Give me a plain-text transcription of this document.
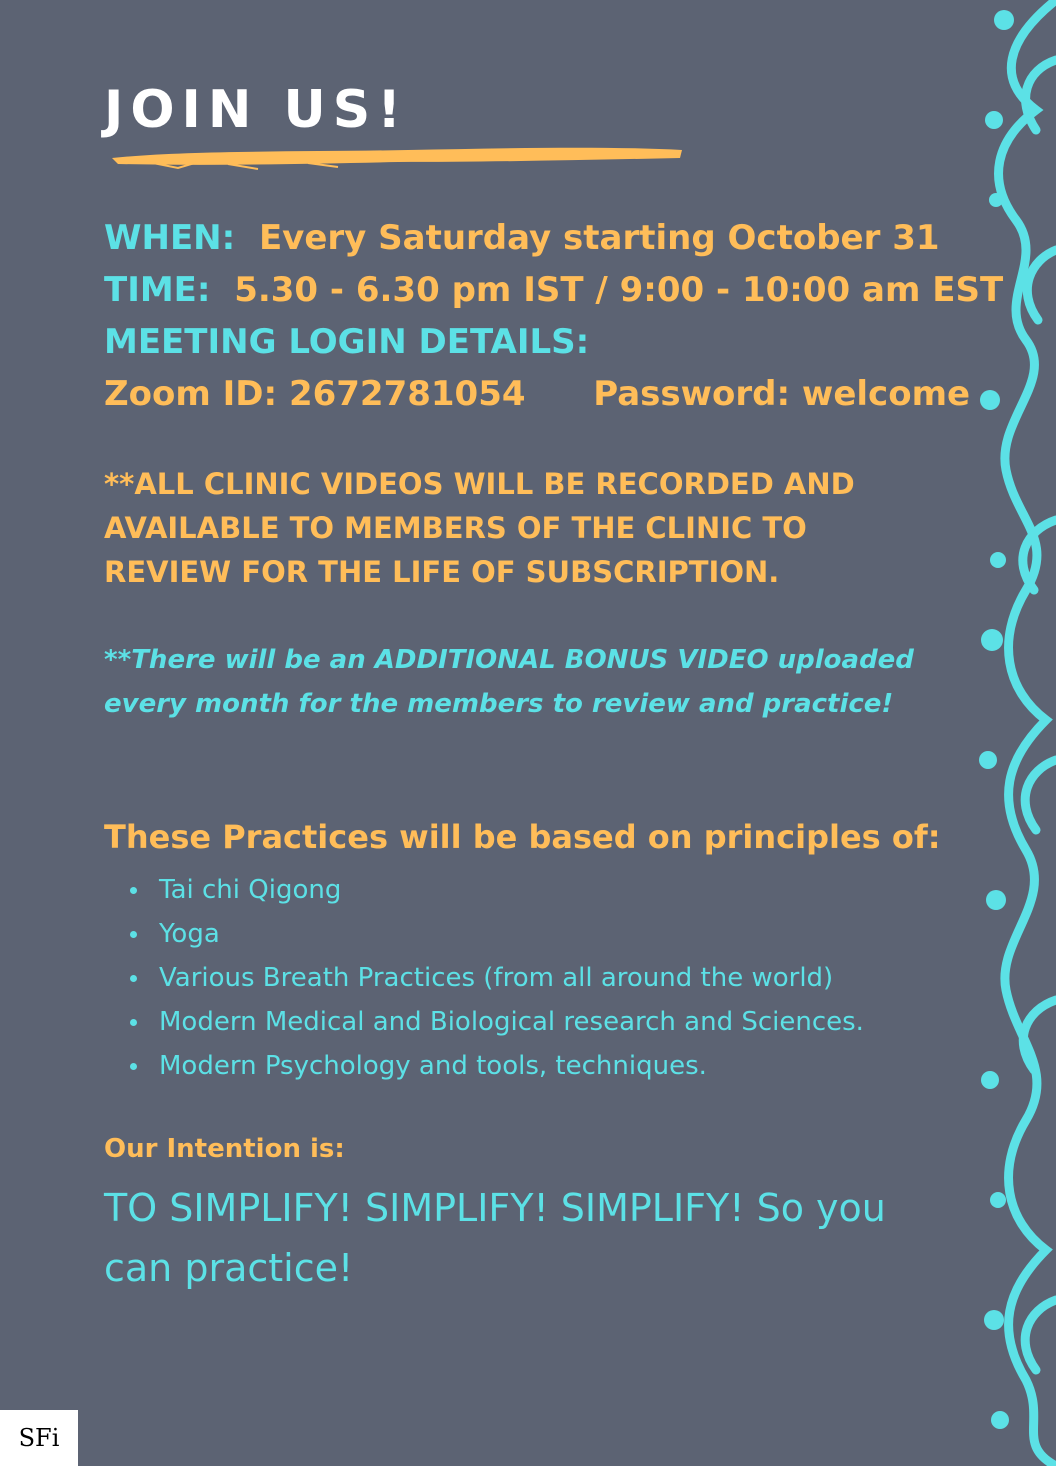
JOIN US!
WHEN: Every Saturday starting October 31
TIME: 5.30 - 6.30 pm IST / 9:00 - 10:00 am EST
MEETING LOGIN DETAILS:
Zoom ID: 2672781054 Password: welcome
**ALL CLINIC VIDEOS WILL BE RECORDED AND AVAILABLE TO MEMBERS OF THE CLINIC TO REVIEW FOR THE LIFE OF SUBSCRIPTION.
**There will be an ADDITIONAL BONUS VIDEO uploaded every month for the members to review and practice!
These Practices will be based on principles of:
Tai chi Qigong
Yoga
Various Breath Practices (from all around the world)
Modern Medical and Biological research and Sciences.
Modern Psychology and tools, techniques.
Our Intention is:
TO SIMPLIFY! SIMPLIFY! SIMPLIFY! So you can practice!
SFi
